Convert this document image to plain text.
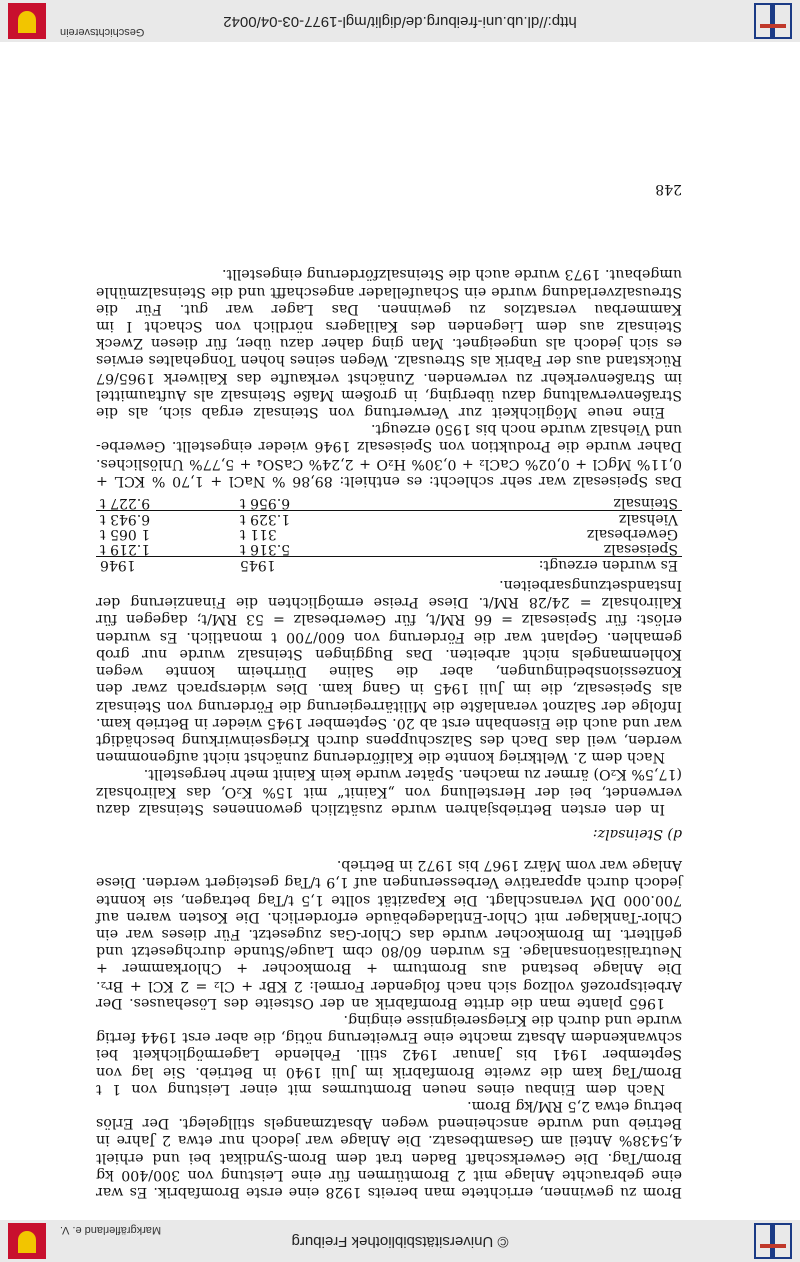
© Universitätsbibliothek Freiburg
Markgräflerland e. V.

Brom zu gewinnen, errichtete man bereits 1928 eine erste Bromfabrik. Es war eine gebrauchte Anlage mit 2 Bromtürmen für eine Leistung von 300/400 kg Brom/Tag. Die Gewerkschaft Baden trat dem Brom-Syndikat bei und erhielt 4,5438% Anteil am Gesamtbesatz. Die Anlage war jedoch nur etwa 2 Jahre in Betrieb und wurde anscheinend wegen Absatzmangels stillgelegt. Der Erlös betrug etwa 2,5 RM/kg Brom.

Nach dem Einbau eines neuen Bromturmes mit einer Leistung von 1 t Brom/Tag kam die zweite Bromfabrik im Juli 1940 in Betrieb. Sie lag von September 1941 bis Januar 1942 still. Fehlende Lagermöglichkeit bei schwankendem Absatz machte eine Erweiterung nötig, die aber erst 1944 fertig wurde und durch die Kriegsereignisse einging.

1965 plante man die dritte Bromfabrik an der Ostseite des Lösehauses. Der Arbeitsprozeß vollzog sich nach folgender Formel: 2 KBr + Cl₂ = 2 KCl + Br₂. Die Anlage bestand aus Bromturm + Bromkocher + Chlorkammer + Neutralisationsanlage. Es wurden 60/80 cbm Lauge/Stunde durchgesetzt und gefiltert. Im Bromkocher wurde das Chlor-Gas zugesetzt. Für dieses war ein Chlor-Tanklager mit Chlor-Entladegebäude erforderlich. Die Kosten waren auf 700.000 DM veranschlagt. Die Kapazität sollte 1,5 t/Tag betragen, sie konnte jedoch durch apparative Verbesserungen auf 1,9 t/Tag gesteigert werden. Diese Anlage war vom März 1967 bis 1972 in Betrieb.

d) Steinsalz:

In den ersten Betriebsjahren wurde zusätzlich gewonnenes Steinsalz dazu verwendet, bei der Herstellung von „Kainit“ mit 15% K₂O, das Kalirohsalz (17,5% K₂O) ärmer zu machen. Später wurde kein Kainit mehr hergestellt.

Nach dem 2. Weltkrieg konnte die Kaliförderung zunächst nicht aufgenommen werden, weil das Dach des Salzschuppens durch Kriegseinwirkung beschädigt war und auch die Eisenbahn erst ab 20. September 1945 wieder in Betrieb kam. Infolge der Salznot veranlaßte die Militärregierung die Förderung von Steinsalz als Speisesalz, die im Juli 1945 in Gang kam. Dies widersprach zwar den Konzessionsbedingungen, aber die Saline Dürrheim konnte wegen Kohlenmangels nicht arbeiten. Das Buggingen Steinsalz wurde nur grob gemahlen. Geplant war die Förderung von 600/700 t monatlich. Es wurden erlöst: für Speisesalz = 66 RM/t, für Gewerbesalz = 53 RM/t; dagegen für Kalirohsalz = 24/28 RM/t. Diese Preise ermöglichten die Finanzierung der Instandsetzungsarbeiten.

Es wurden erzeugt:	1945	1946
Speisesalz	5.316 t	1.219 t
Gewerbesalz	311 t	1 065 t
Viehsalz	1.329 t	6.943 t
Steinsalz	6.956 t	9.227 t

Das Speisesalz war sehr schlecht: es enthielt: 89,86 % NaCl + 1,70 % KCL + 0,11% MgCl + 0,02% CaCl₂ + 0,30% H₂O + 2,24% CaSO₄ + 5,77% Unlösliches. Daher wurde die Produktion von Speisesalz 1946 wieder eingestellt. Gewerbe- und Viehsalz wurde noch bis 1950 erzeugt.

Eine neue Möglichkeit zur Verwertung von Steinsalz ergab sich, als die Straßenverwaltung dazu überging, in großem Maße Steinsalz als Auftaumittel im Straßenverkehr zu verwenden. Zunächst verkaufte das Kaliwerk 1965/67 Rückstand aus der Fabrik als Streusalz. Wegen seines hohen Tongehaltes erwies es sich jedoch als ungeeignet. Man ging daher dazu über, für diesen Zweck Steinsalz aus dem Liegenden des Kalilagers nördlich von Schacht I im Kammerbau versatzlos zu gewinnen. Das Lager war gut. Für die Streusalzverladung wurde ein Schaufellader angeschafft und die Steinsalzmühle umgebaut. 1973 wurde auch die Steinsalzförderung eingestellt.

248
Geschichtsverein
http://dl.ub.uni-freiburg.de/diglit/mgl-1977-03-04/0042
